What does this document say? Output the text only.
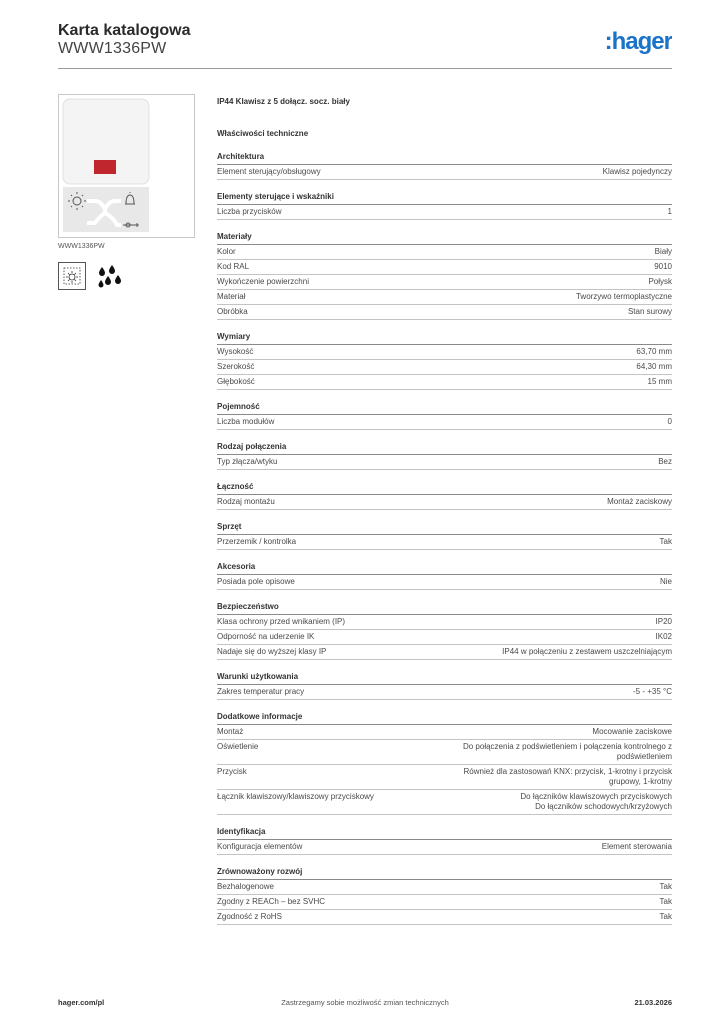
Karta katalogowa
WWW1336PW	:hager
WWW1336PW
IP44 Klawisz z 5 dołącz. socz. biały
Właściwości techniczne
Architektura
Element sterujący/obsługowy	Klawisz pojedynczy
Elementy sterujące i wskaźniki
Liczba przycisków	1
Materiały
Kolor	Biały
Kod RAL	9010
Wykończenie powierzchni	Połysk
Materiał	Tworzywo termoplastyczne
Obróbka	Stan surowy
Wymiary
Wysokość	63,70 mm
Szerokość	64,30 mm
Głębokość	15 mm
Pojemność
Liczba modułów	0
Rodzaj połączenia
Typ złącza/wtyku	Bez
Łączność
Rodzaj montażu	Montaż zaciskowy
Sprzęt
Przerzemik / kontrolka	Tak
Akcesoria
Posiada pole opisowe	Nie
Bezpieczeństwo
Klasa ochrony przed wnikaniem (IP)	IP20
Odporność na uderzenie IK	IK02
Nadaje się do wyższej klasy IP	IP44 w połączeniu z zestawem uszczelniającym
Warunki użytkowania
Zakres temperatur pracy	-5 - +35 °C
Dodatkowe informacje
Montaż	Mocowanie zaciskowe
Oświetlenie	Do połączenia z podświetleniem i połączenia kontrolnego z
podświetleniem
Przycisk	Również dla zastosowań KNX: przycisk, 1-krotny i przycisk
grupowy, 1-krotny
Łącznik klawiszowy/klawiszowy przyciskowy	Do łączników klawiszowych przyciskowych
Do łączników schodowych/krzyżowych
Identyfikacja
Konfiguracja elementów	Element sterowania
Zrównoważony rozwój
Bezhalogenowe	Tak
Zgodny z REACh – bez SVHC	Tak
Zgodność z RoHS	Tak
Zastrzegamy sobie możliwość zmian technicznych
hager.com/pl	21.03.2026
